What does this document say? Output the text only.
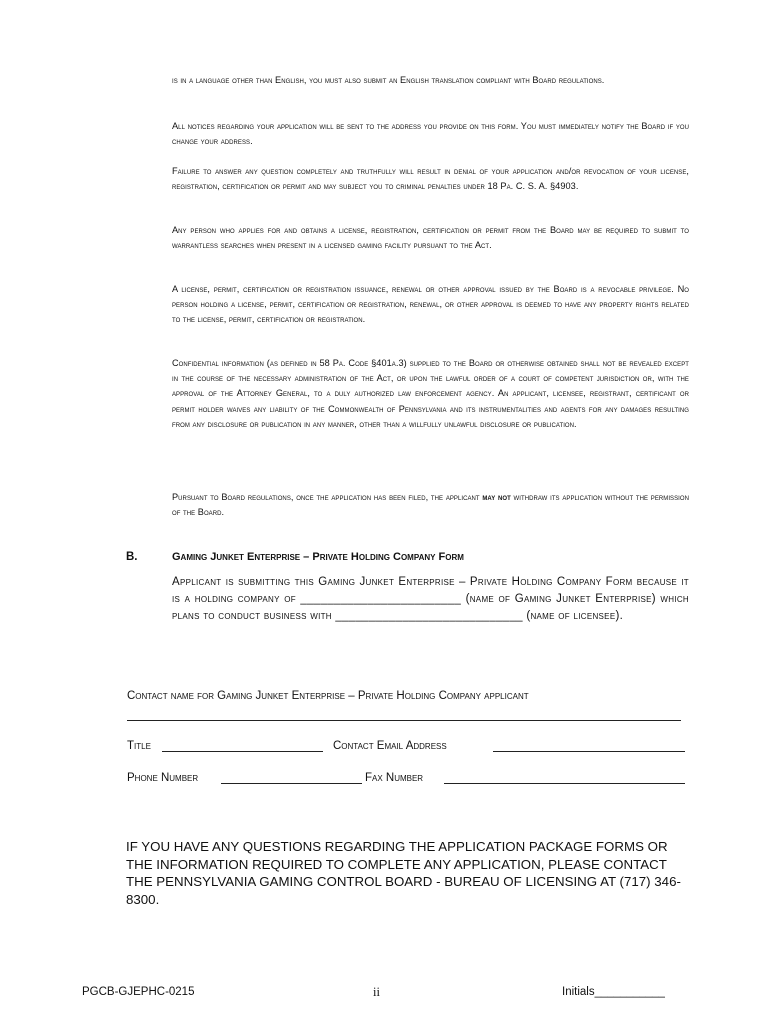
is in a language other than English, you must also submit an English translation compliant with Board regulations.
All notices regarding your application will be sent to the address you provide on this form. You must immediately notify the Board if you change your address.
Failure to answer any question completely and truthfully will result in denial of your application and/or revocation of your license, registration, certification or permit and may subject you to criminal penalties under 18 Pa. C. S. A. §4903.
Any person who applies for and obtains a license, registration, certification or permit from the Board may be required to submit to warrantless searches when present in a licensed gaming facility pursuant to the Act.
A license, permit, certification or registration issuance, renewal or other approval issued by the Board is a revocable privilege. No person holding a license, permit, certification or registration, renewal, or other approval is deemed to have any property rights related to the license, permit, certification or registration.
Confidential information (as defined in 58 Pa. Code §401a.3) supplied to the Board or otherwise obtained shall not be revealed except in the course of the necessary administration of the Act, or upon the lawful order of a court of competent jurisdiction or, with the approval of the Attorney General, to a duly authorized law enforcement agency. An applicant, licensee, registrant, certificant or permit holder waives any liability of the Commonwealth of Pennsylvania and its instrumentalities and agents for any damages resulting from any disclosure or publication in any manner, other than a willfully unlawful disclosure or publication.
Pursuant to Board regulations, once the application has been filed, the applicant may not withdraw its application without the permission of the Board.
B.	Gaming Junket Enterprise – Private Holding Company Form
Applicant is submitting this Gaming Junket Enterprise – Private Holding Company Form because it is a holding company of ________________________ (name of Gaming Junket Enterprise) which plans to conduct business with ____________________________ (name of licensee).
Contact name for Gaming Junket Enterprise – Private Holding Company applicant
Title	Contact Email Address
Phone Number	Fax Number
IF YOU HAVE ANY QUESTIONS REGARDING THE APPLICATION PACKAGE FORMS OR THE INFORMATION REQUIRED TO COMPLETE ANY APPLICATION, PLEASE CONTACT THE PENNSYLVANIA GAMING CONTROL BOARD - BUREAU OF LICENSING AT (717) 346-8300.
PGCB-GJEPHC-0215	ii	Initials___________
